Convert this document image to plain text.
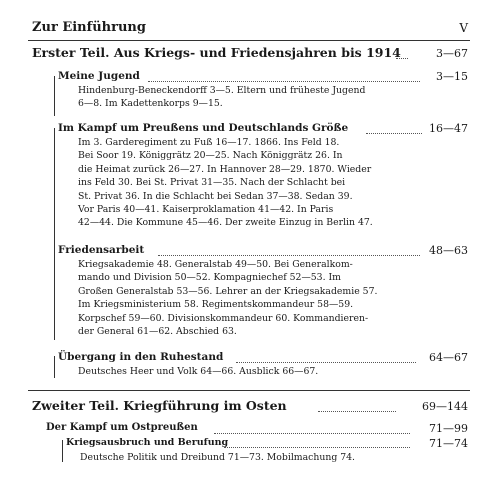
Zur Einführung	V
Erster Teil. Aus Kriegs- und Friedensjahren bis 1914	3—67
Meine Jugend	3—15
Hindenburg-Beneckendorff 3—5. Eltern und früheste Jugend
6—8. Im Kadettenkorps 9—15.
Im Kampf um Preußens und Deutschlands Größe	16—47
Im 3. Garderegiment zu Fuß 16—17. 1866. Ins Feld 18.
Bei Soor 19. Königgrätz 20—25. Nach Königgrätz 26. In
die Heimat zurück 26—27. In Hannover 28—29. 1870. Wieder
ins Feld 30. Bei St. Privat 31—35. Nach der Schlacht bei
St. Privat 36. In die Schlacht bei Sedan 37—38. Sedan 39.
Vor Paris 40—41. Kaiserproklamation 41—42. In Paris
42—44. Die Kommune 45—46. Der zweite Einzug in Berlin 47.
Friedensarbeit	48—63
Kriegsakademie 48. Generalstab 49—50. Bei Generalkom-
mando und Division 50—52. Kompagniechef 52—53. Im
Großen Generalstab 53—56. Lehrer an der Kriegsakademie 57.
Im Kriegsministerium 58. Regimentskommandeur 58—59.
Korpschef 59—60. Divisionskommandeur 60. Kommandieren-
der General 61—62. Abschied 63.
Übergang in den Ruhestand	64—67
Deutsches Heer und Volk 64—66. Ausblick 66—67.
Zweiter Teil. Kriegführung im Osten	69—144
Der Kampf um Ostpreußen	71—99
Kriegsausbruch und Berufung	71—74
Deutsche Politik und Dreibund 71—73. Mobilmachung 74.
